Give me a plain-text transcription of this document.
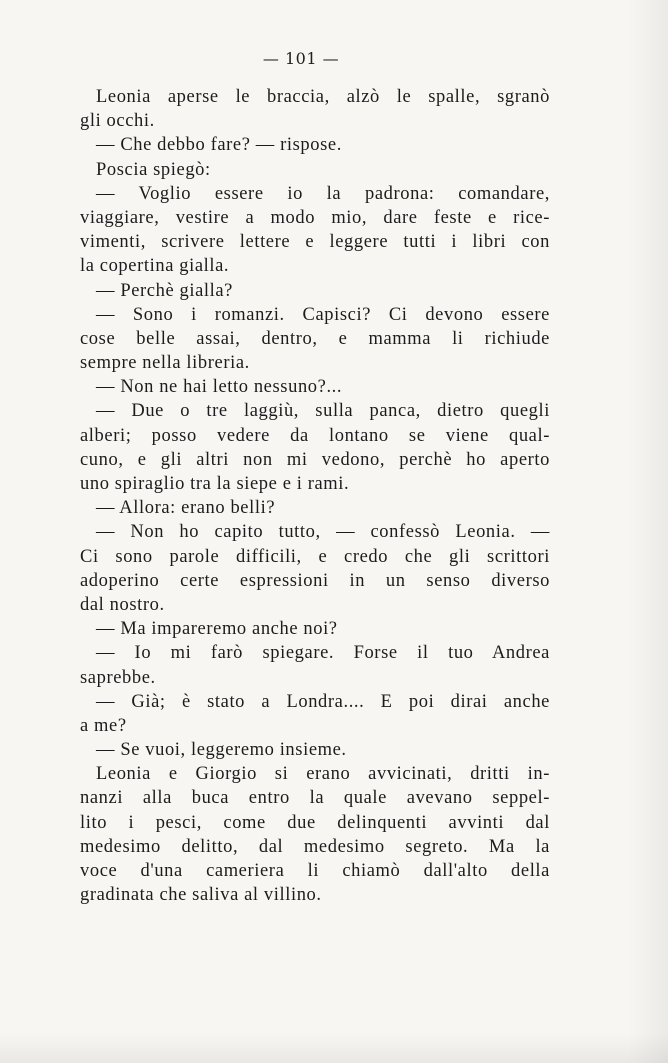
— 101 —
Leonia aperse le braccia, alzò le spalle, sgranò
gli occhi.
— Che debbo fare? — rispose.
Poscia spiegò:
— Voglio essere io la padrona: comandare,
viaggiare, vestire a modo mio, dare feste e rice-
vimenti, scrivere lettere e leggere tutti i libri con
la copertina gialla.
— Perchè gialla?
— Sono i romanzi. Capisci? Ci devono essere
cose belle assai, dentro, e mamma li richiude
sempre nella libreria.
— Non ne hai letto nessuno?...
— Due o tre laggiù, sulla panca, dietro quegli
alberi; posso vedere da lontano se viene qual-
cuno, e gli altri non mi vedono, perchè ho aperto
uno spiraglio tra la siepe e i rami.
— Allora: erano belli?
— Non ho capito tutto, — confessò Leonia. —
Ci sono parole difficili, e credo che gli scrittori
adoperino certe espressioni in un senso diverso
dal nostro.
— Ma impareremo anche noi?
— Io mi farò spiegare. Forse il tuo Andrea
saprebbe.
— Già; è stato a Londra.... E poi dirai anche
a me?
— Se vuoi, leggeremo insieme.
Leonia e Giorgio si erano avvicinati, dritti in-
nanzi alla buca entro la quale avevano seppel-
lito i pesci, come due delinquenti avvinti dal
medesimo delitto, dal medesimo segreto. Ma la
voce d'una cameriera li chiamò dall'alto della
gradinata che saliva al villino.
